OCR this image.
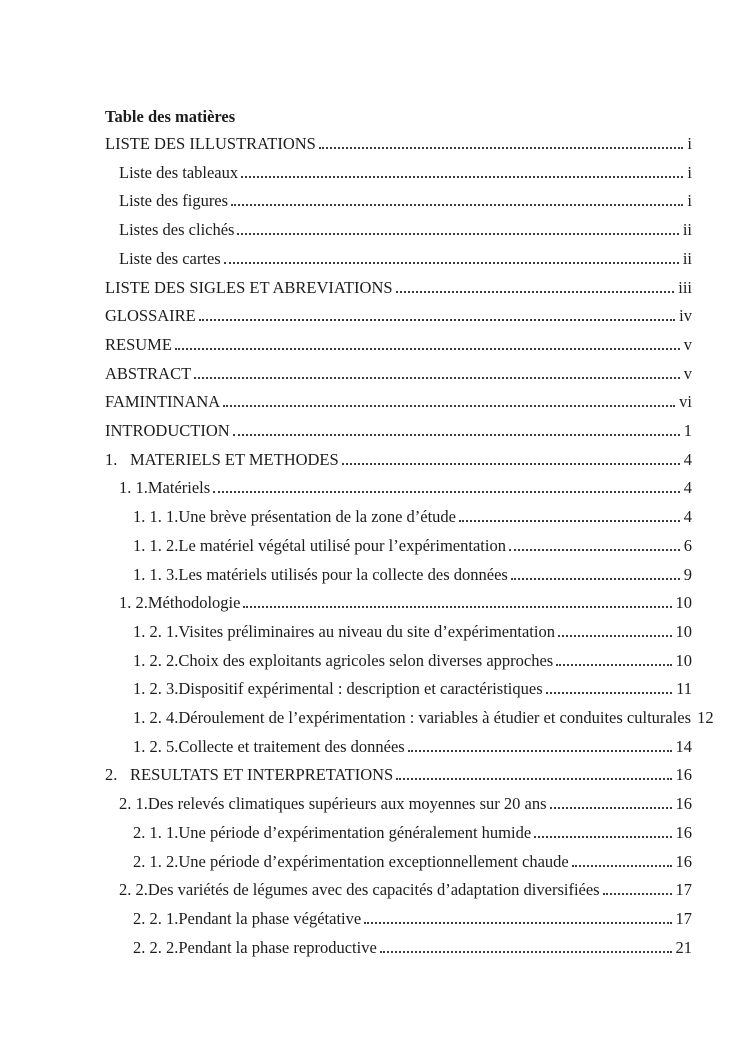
Table des matières
LISTE DES ILLUSTRATIONS	i
Liste des tableaux	i
Liste des figures	i
Listes des clichés	ii
Liste des cartes	ii
LISTE DES SIGLES ET ABREVIATIONS	iii
GLOSSAIRE	iv
RESUME	v
ABSTRACT	v
FAMINTINANA	vi
INTRODUCTION	1
1. MATERIELS ET METHODES	4
1. 1. Matériels	4
1. 1. 1. Une brève présentation de la zone d’étude	4
1. 1. 2. Le matériel végétal utilisé pour l’expérimentation	6
1. 1. 3. Les matériels utilisés pour la collecte des données	9
1. 2. Méthodologie	10
1. 2. 1. Visites préliminaires au niveau du site d’expérimentation	10
1. 2. 2. Choix des exploitants agricoles selon diverses approches	10
1. 2. 3. Dispositif expérimental : description et caractéristiques	11
1. 2. 4. Déroulement de l’expérimentation : variables à étudier et conduites culturales 12
1. 2. 5. Collecte et traitement des données	14
2. RESULTATS ET INTERPRETATIONS	16
2. 1. Des relevés climatiques supérieurs aux moyennes sur 20 ans	16
2. 1. 1. Une période d’expérimentation généralement humide	16
2. 1. 2. Une période d’expérimentation exceptionnellement chaude	16
2. 2. Des variétés de légumes avec des capacités d’adaptation diversifiées	17
2. 2. 1. Pendant la phase végétative	17
2. 2. 2. Pendant la phase reproductive	21
